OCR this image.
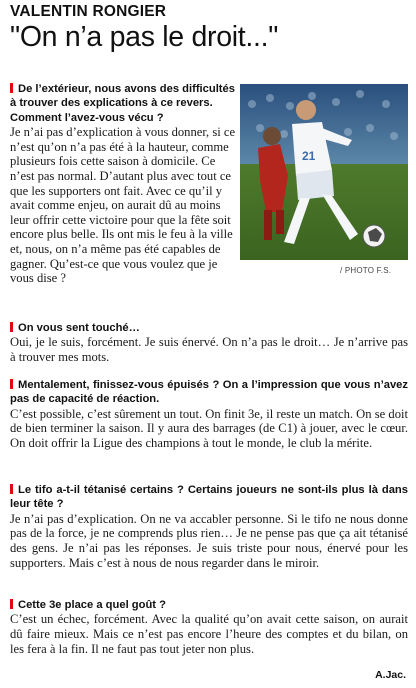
VALENTIN RONGIER
"On n’a pas le droit..."
De l’extérieur, nous avons des difficultés à trouver des explications à ce revers. Comment l’avez-vous vécu ?
Je n’ai pas d’explication à vous donner, si ce n’est qu’on n’a pas été à la hauteur, comme plusieurs fois cette saison à domicile. Ce n’est pas normal. D’autant plus avec tout ce que les supporters ont fait. Avec ce qu’il y avait comme enjeu, on aurait dû au moins leur offrir cette victoire pour que la fête soit encore plus belle. Ils ont mis le feu à la ville et, nous, on n’a même pas été capables de gagner. Qu’est-ce que vous voulez que je vous dise ?
21
/ PHOTO F.S.
On vous sent touché…
Oui, je le suis, forcément. Je suis énervé. On n’a pas le droit… Je n’arrive pas à trouver mes mots.
Mentalement, finissez-vous épuisés ? On a l’impression que vous n’avez pas de capacité de réaction.
C’est possible, c’est sûrement un tout. On finit 3e, il reste un match. On se doit de bien terminer la saison. Il y aura des barrages (de C1) à jouer, avec le cœur. On doit offrir la Ligue des champions à tout le monde, le club la mérite.
Le tifo a-t-il tétanisé certains ? Certains joueurs ne sont-ils plus là dans leur tête ?
Je n’ai pas d’explication. On ne va accabler personne. Si le tifo ne nous donne pas de la force, je ne comprends plus rien… Je ne pense pas que ça ait tétanisé des gens. Je n’ai pas les réponses. Je suis triste pour nous, énervé pour les supporters. Mais c’est à nous de nous regarder dans le miroir.
Cette 3e place a quel goût ?
C’est un échec, forcément. Avec la qualité qu’on avait cette saison, on aurait dû faire mieux. Mais ce n’est pas encore l’heure des comptes et du bilan, on les fera à la fin. Il ne faut pas tout jeter non plus.
A.Jac.
